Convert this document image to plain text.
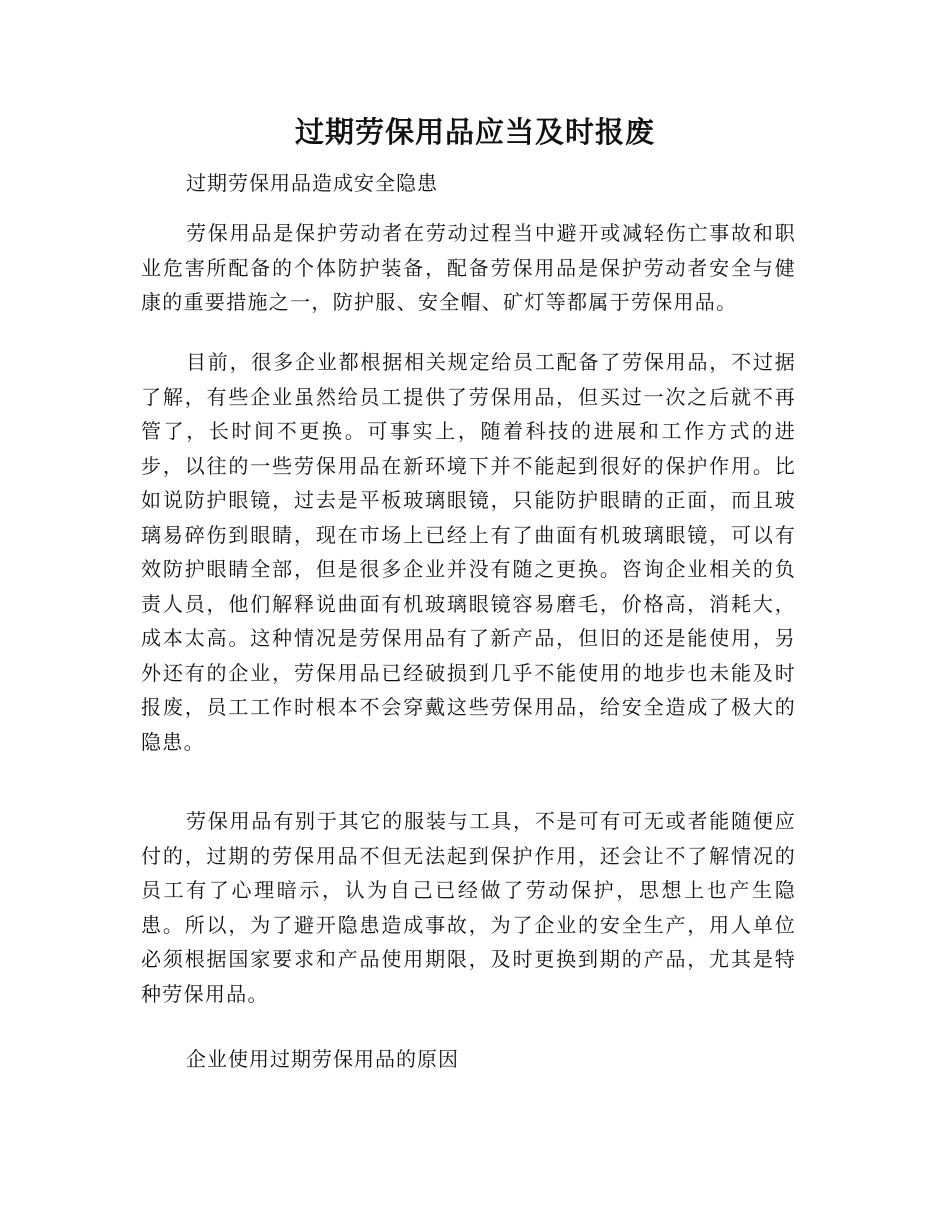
过期劳保用品应当及时报废

过期劳保用品造成安全隐患

劳保用品是保护劳动者在劳动过程当中避开或减轻伤亡事故和职业危害所配备的个体防护装备，配备劳保用品是保护劳动者安全与健康的重要措施之一，防护服、安全帽、矿灯等都属于劳保用品。

目前，很多企业都根据相关规定给员工配备了劳保用品，不过据了解，有些企业虽然给员工提供了劳保用品，但买过一次之后就不再管了，长时间不更换。可事实上，随着科技的进展和工作方式的进步，以往的一些劳保用品在新环境下并不能起到很好的保护作用。比如说防护眼镜，过去是平板玻璃眼镜，只能防护眼睛的正面，而且玻璃易碎伤到眼睛，现在市场上已经上有了曲面有机玻璃眼镜，可以有效防护眼睛全部，但是很多企业并没有随之更换。咨询企业相关的负责人员，他们解释说曲面有机玻璃眼镜容易磨毛，价格高，消耗大，成本太高。这种情况是劳保用品有了新产品，但旧的还是能使用，另外还有的企业，劳保用品已经破损到几乎不能使用的地步也未能及时报废，员工工作时根本不会穿戴这些劳保用品，给安全造成了极大的隐患。

劳保用品有别于其它的服装与工具，不是可有可无或者能随便应付的，过期的劳保用品不但无法起到保护作用，还会让不了解情况的员工有了心理暗示，认为自己已经做了劳动保护，思想上也产生隐患。所以，为了避开隐患造成事故，为了企业的安全生产，用人单位必须根据国家要求和产品使用期限，及时更换到期的产品，尤其是特种劳保用品。

企业使用过期劳保用品的原因
